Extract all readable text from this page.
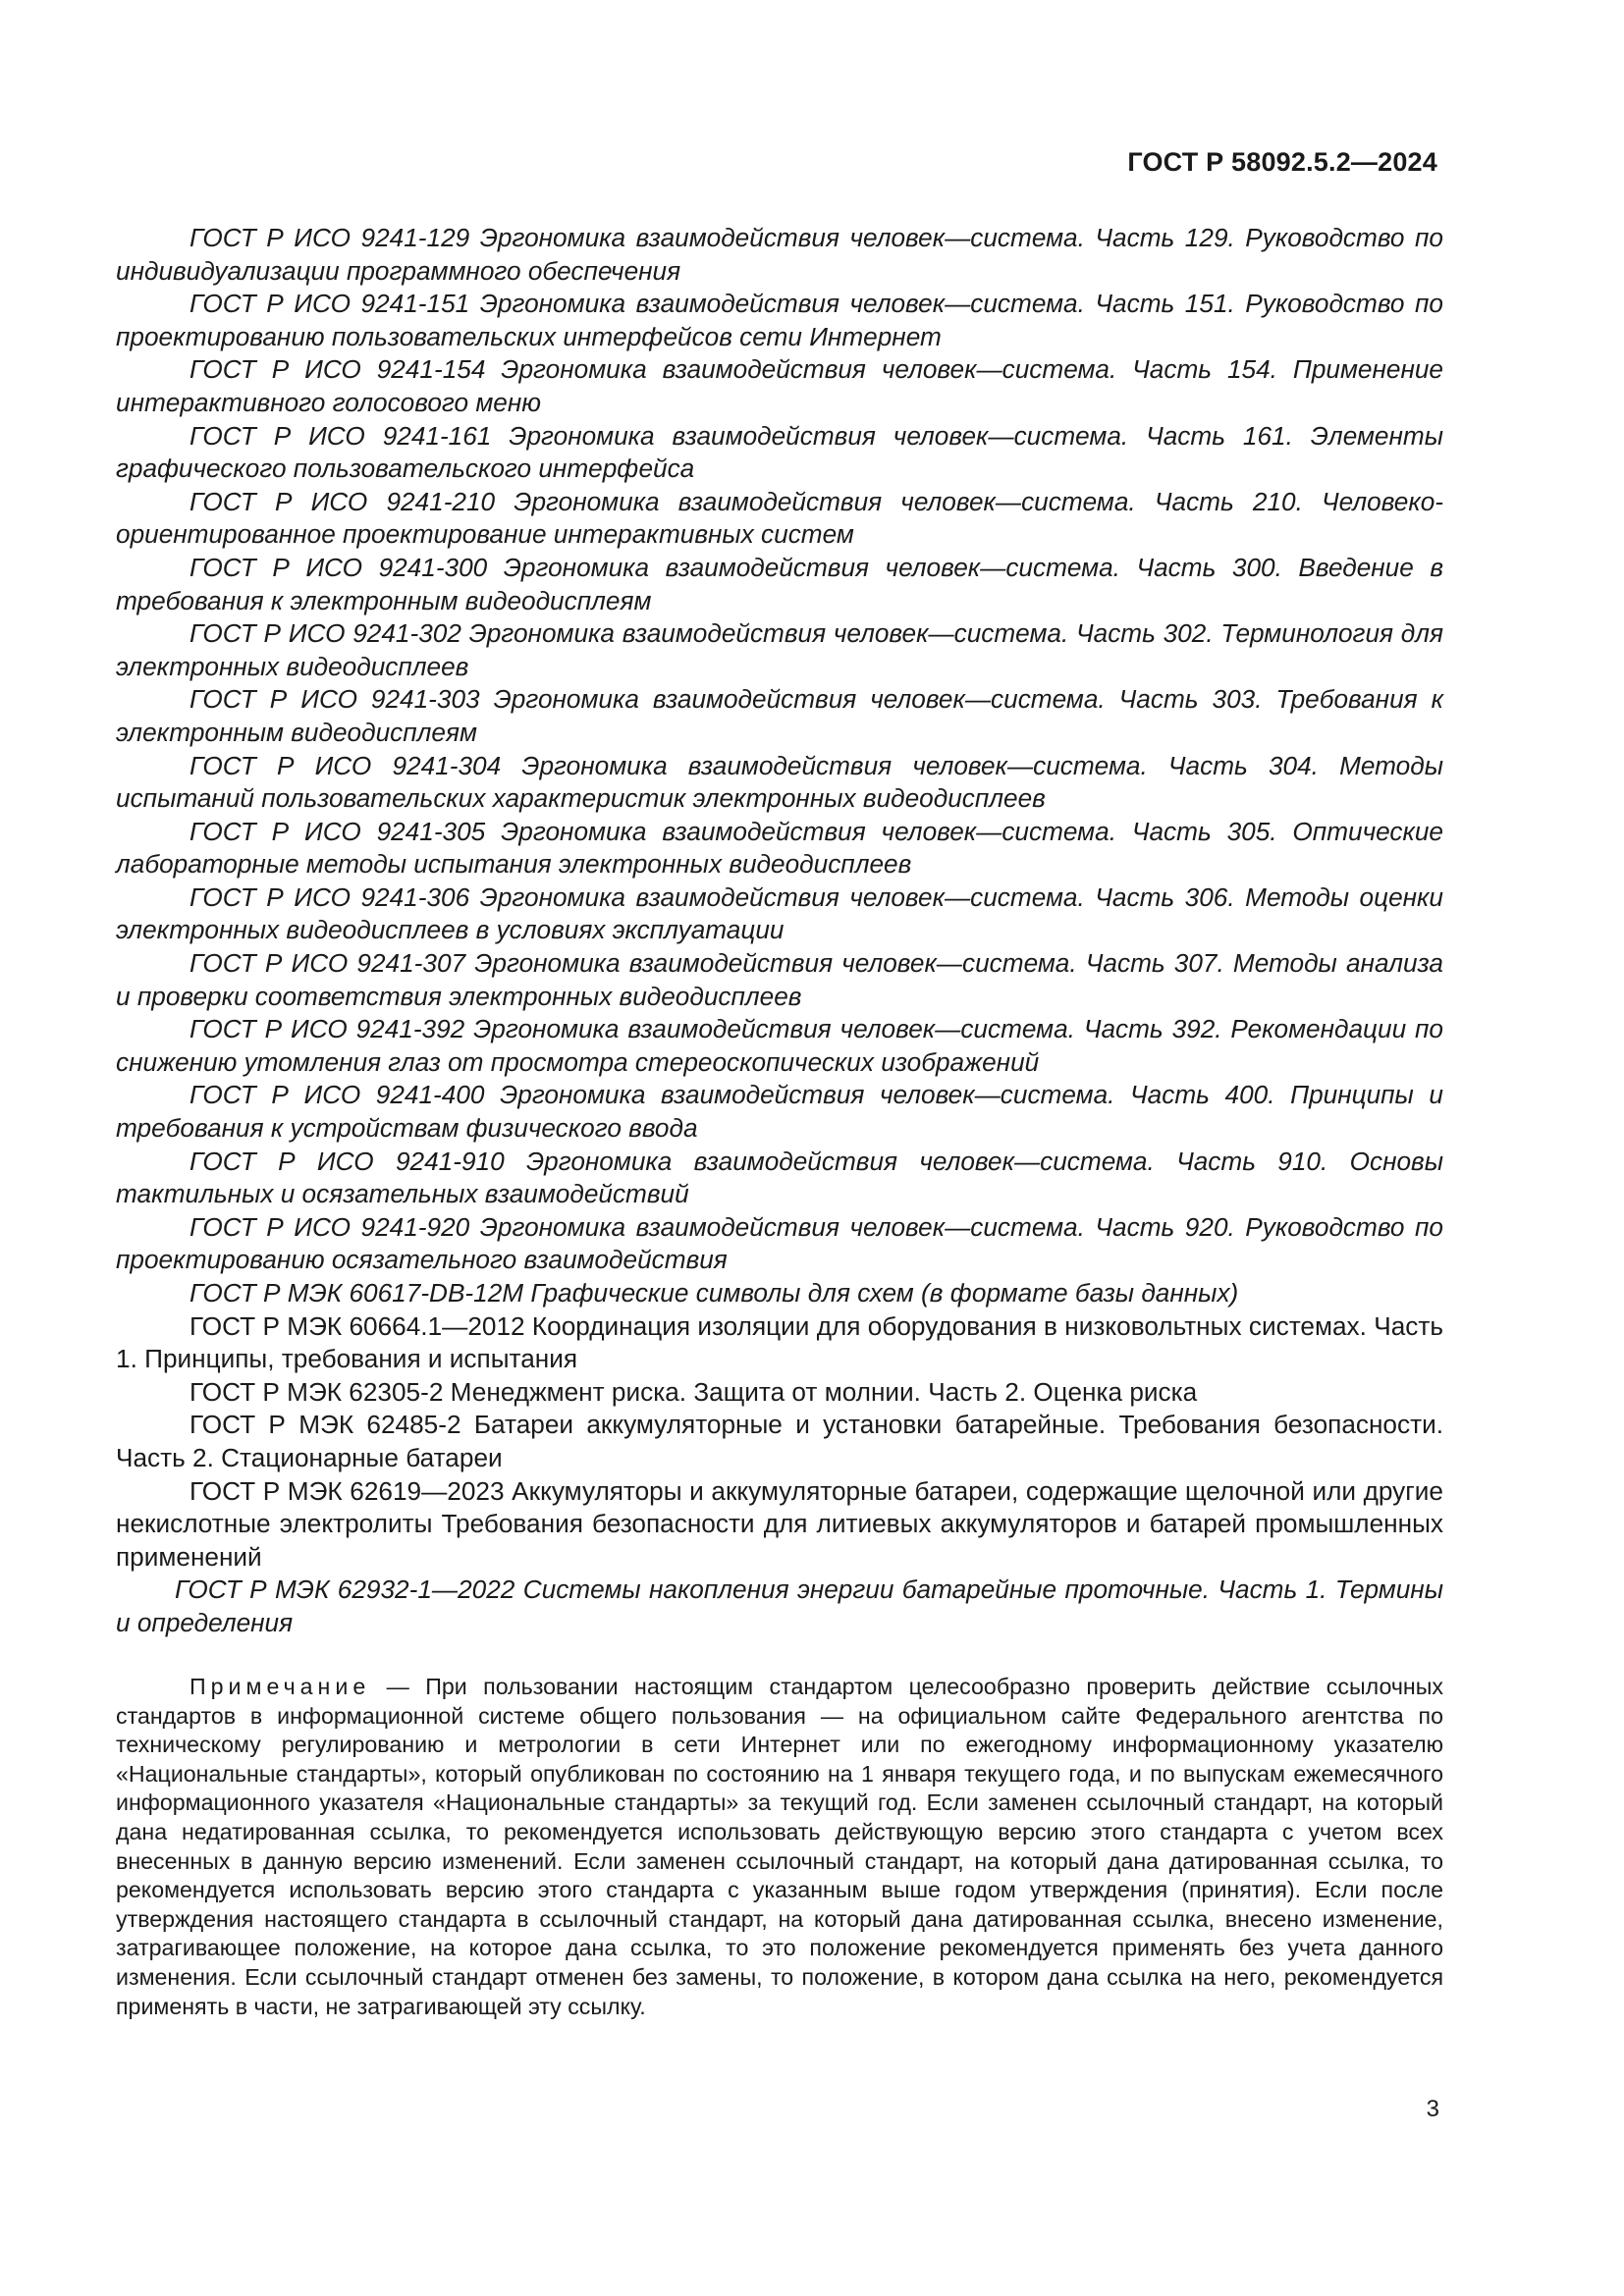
ГОСТ Р 58092.5.2—2024

ГОСТ Р ИСО 9241-129 Эргономика взаимодействия человек—система. Часть 129. Руководство по индивидуализации программного обеспечения

ГОСТ Р ИСО 9241-151 Эргономика взаимодействия человек—система. Часть 151. Руководство по проектированию пользовательских интерфейсов сети Интернет

ГОСТ Р ИСО 9241-154 Эргономика взаимодействия человек—система. Часть 154. Применение интерактивного голосового меню

ГОСТ Р ИСО 9241-161 Эргономика взаимодействия человек—система. Часть 161. Элементы графического пользовательского интерфейса

ГОСТ Р ИСО 9241-210 Эргономика взаимодействия человек—система. Часть 210. Человеко-ориентированное проектирование интерактивных систем

ГОСТ Р ИСО 9241-300 Эргономика взаимодействия человек—система. Часть 300. Введение в требования к электронным видеодисплеям

ГОСТ Р ИСО 9241-302 Эргономика взаимодействия человек—система. Часть 302. Терминология для электронных видеодисплеев

ГОСТ Р ИСО 9241-303 Эргономика взаимодействия человек—система. Часть 303. Требования к электронным видеодисплеям

ГОСТ Р ИСО 9241-304 Эргономика взаимодействия человек—система. Часть 304. Методы испытаний пользовательских характеристик электронных видеодисплеев

ГОСТ Р ИСО 9241-305 Эргономика взаимодействия человек—система. Часть 305. Оптические лабораторные методы испытания электронных видеодисплеев

ГОСТ Р ИСО 9241-306 Эргономика взаимодействия человек—система. Часть 306. Методы оценки электронных видеодисплеев в условиях эксплуатации

ГОСТ Р ИСО 9241-307 Эргономика взаимодействия человек—система. Часть 307. Методы анализа и проверки соответствия электронных видеодисплеев

ГОСТ Р ИСО 9241-392 Эргономика взаимодействия человек—система. Часть 392. Рекомендации по снижению утомления глаз от просмотра стереоскопических изображений

ГОСТ Р ИСО 9241-400 Эргономика взаимодействия человек—система. Часть 400. Принципы и требования к устройствам физического ввода

ГОСТ Р ИСО 9241-910 Эргономика взаимодействия человек—система. Часть 910. Основы тактильных и осязательных взаимодействий

ГОСТ Р ИСО 9241-920 Эргономика взаимодействия человек—система. Часть 920. Руководство по проектированию осязательного взаимодействия

ГОСТ Р МЭК 60617-DB-12M Графические символы для схем (в формате базы данных)

ГОСТ Р МЭК 60664.1—2012 Координация изоляции для оборудования в низковольтных системах. Часть 1. Принципы, требования и испытания

ГОСТ Р МЭК 62305-2 Менеджмент риска. Защита от молнии. Часть 2. Оценка риска

ГОСТ Р МЭК 62485-2 Батареи аккумуляторные и установки батарейные. Требования безопасности. Часть 2. Стационарные батареи

ГОСТ Р МЭК 62619—2023 Аккумуляторы и аккумуляторные батареи, содержащие щелочной или другие некислотные электролиты Требования безопасности для литиевых аккумуляторов и батарей промышленных применений

ГОСТ Р МЭК 62932-1—2022 Системы накопления энергии батарейные проточные. Часть 1. Термины и определения

Примечание — При пользовании настоящим стандартом целесообразно проверить действие ссылочных стандартов в информационной системе общего пользования — на официальном сайте Федерального агентства по техническому регулированию и метрологии в сети Интернет или по ежегодному информационному указателю «Национальные стандарты», который опубликован по состоянию на 1 января текущего года, и по выпускам ежемесячного информационного указателя «Национальные стандарты» за текущий год. Если заменен ссылочный стандарт, на который дана недатированная ссылка, то рекомендуется использовать действующую версию этого стандарта с учетом всех внесенных в данную версию изменений. Если заменен ссылочный стандарт, на который дана датированная ссылка, то рекомендуется использовать версию этого стандарта с указанным выше годом утверждения (принятия). Если после утверждения настоящего стандарта в ссылочный стандарт, на который дана датированная ссылка, внесено изменение, затрагивающее положение, на которое дана ссылка, то это положение рекомендуется применять без учета данного изменения. Если ссылочный стандарт отменен без замены, то положение, в котором дана ссылка на него, рекомендуется применять в части, не затрагивающей эту ссылку.

3
